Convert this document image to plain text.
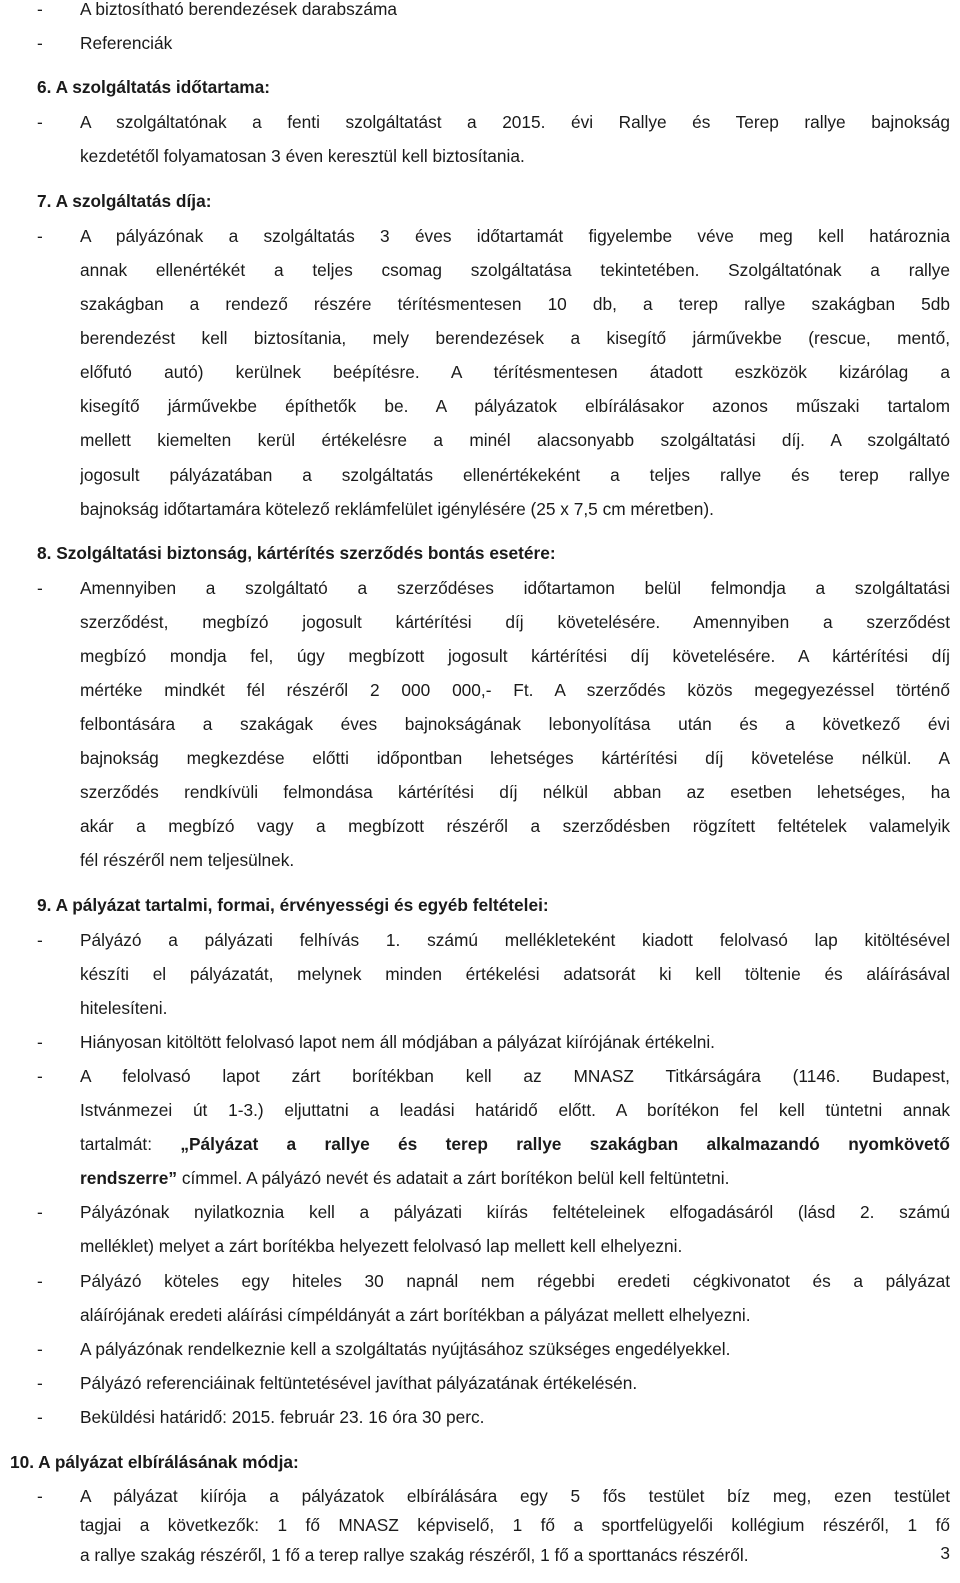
- A biztosítható berendezések darabszáma

- Referenciák

6. A szolgáltatás időtartama:

- A szolgáltatónak a fenti szolgáltatást a 2015. évi Rallye és Terep rallye bajnokság

kezdetétől folyamatosan 3 éven keresztül kell biztosítania.

7. A szolgáltatás díja:

- A pályázónak a szolgáltatás 3 éves időtartamát figyelembe véve meg kell határoznia

annak ellenértékét a teljes csomag szolgáltatása tekintetében. Szolgáltatónak a rallye

szakágban a rendező részére térítésmentesen 10 db, a terep rallye szakágban 5db

berendezést kell biztosítania, mely berendezések a kisegítő járművekbe (rescue, mentő,

előfutó autó) kerülnek beépítésre. A térítésmentesen átadott eszközök kizárólag a

kisegítő járművekbe építhetők be. A pályázatok elbírálásakor azonos műszaki tartalom

mellett kiemelten kerül értékelésre a minél alacsonyabb szolgáltatási díj. A szolgáltató

jogosult pályázatában a szolgáltatás ellenértékeként a teljes rallye és terep rallye

bajnokság időtartamára kötelező reklámfelület igénylésére (25 x 7,5 cm méretben).

8. Szolgáltatási biztonság, kártérítés szerződés bontás esetére:

- Amennyiben a szolgáltató a szerződéses időtartamon belül felmondja a szolgáltatási

szerződést, megbízó jogosult kártérítési díj követelésére. Amennyiben a szerződést

megbízó mondja fel, úgy megbízott jogosult kártérítési díj követelésére. A kártérítési díj

mértéke mindkét fél részéről 2 000 000,- Ft. A szerződés közös megegyezéssel történő

felbontására a szakágak éves bajnokságának lebonyolítása után és a következő évi

bajnokság megkezdése előtti időpontban lehetséges kártérítési díj követelése nélkül. A

szerződés rendkívüli felmondása kártérítési díj nélkül abban az esetben lehetséges, ha

akár a megbízó vagy a megbízott részéről a szerződésben rögzített feltételek valamelyik

fél részéről nem teljesülnek.

9. A pályázat tartalmi, formai, érvényességi és egyéb feltételei:

- Pályázó a pályázati felhívás 1. számú mellékleteként kiadott felolvasó lap kitöltésével

készíti el pályázatát, melynek minden értékelési adatsorát ki kell töltenie és aláírásával

hitelesíteni.

- Hiányosan kitöltött felolvasó lapot nem áll módjában a pályázat kiírójának értékelni.

- A felolvasó lapot zárt borítékban kell az MNASZ Titkárságára (1146. Budapest,

Istvánmezei út 1-3.) eljuttatni a leadási határidő előtt. A borítékon fel kell tüntetni annak

tartalmát: „Pályázat a rallye és terep rallye szakágban alkalmazandó nyomkövető

rendszerre” címmel. A pályázó nevét és adatait a zárt borítékon belül kell feltüntetni.

- Pályázónak nyilatkoznia kell a pályázati kiírás feltételeinek elfogadásáról (lásd 2. számú

melléklet) melyet a zárt borítékba helyezett felolvasó lap mellett kell elhelyezni.

- Pályázó köteles egy hiteles 30 napnál nem régebbi eredeti cégkivonatot és a pályázat

aláírójának eredeti aláírási címpéldányát a zárt borítékban a pályázat mellett elhelyezni.

- A pályázónak rendelkeznie kell a szolgáltatás nyújtásához szükséges engedélyekkel.

- Pályázó referenciáinak feltüntetésével javíthat pályázatának értékelésén.

- Beküldési határidő: 2015. február 23. 16 óra 30 perc.

10. A pályázat elbírálásának módja:

- A pályázat kiírója a pályázatok elbírálására egy 5 fős testület bíz meg, ezen testület

tagjai a következők: 1 fő MNASZ képviselő, 1 fő a sportfelügyelői kollégium részéről, 1 fő

a rallye szakág részéről, 1 fő a terep rallye szakág részéről, 1 fő a sporttanács részéről.	3
